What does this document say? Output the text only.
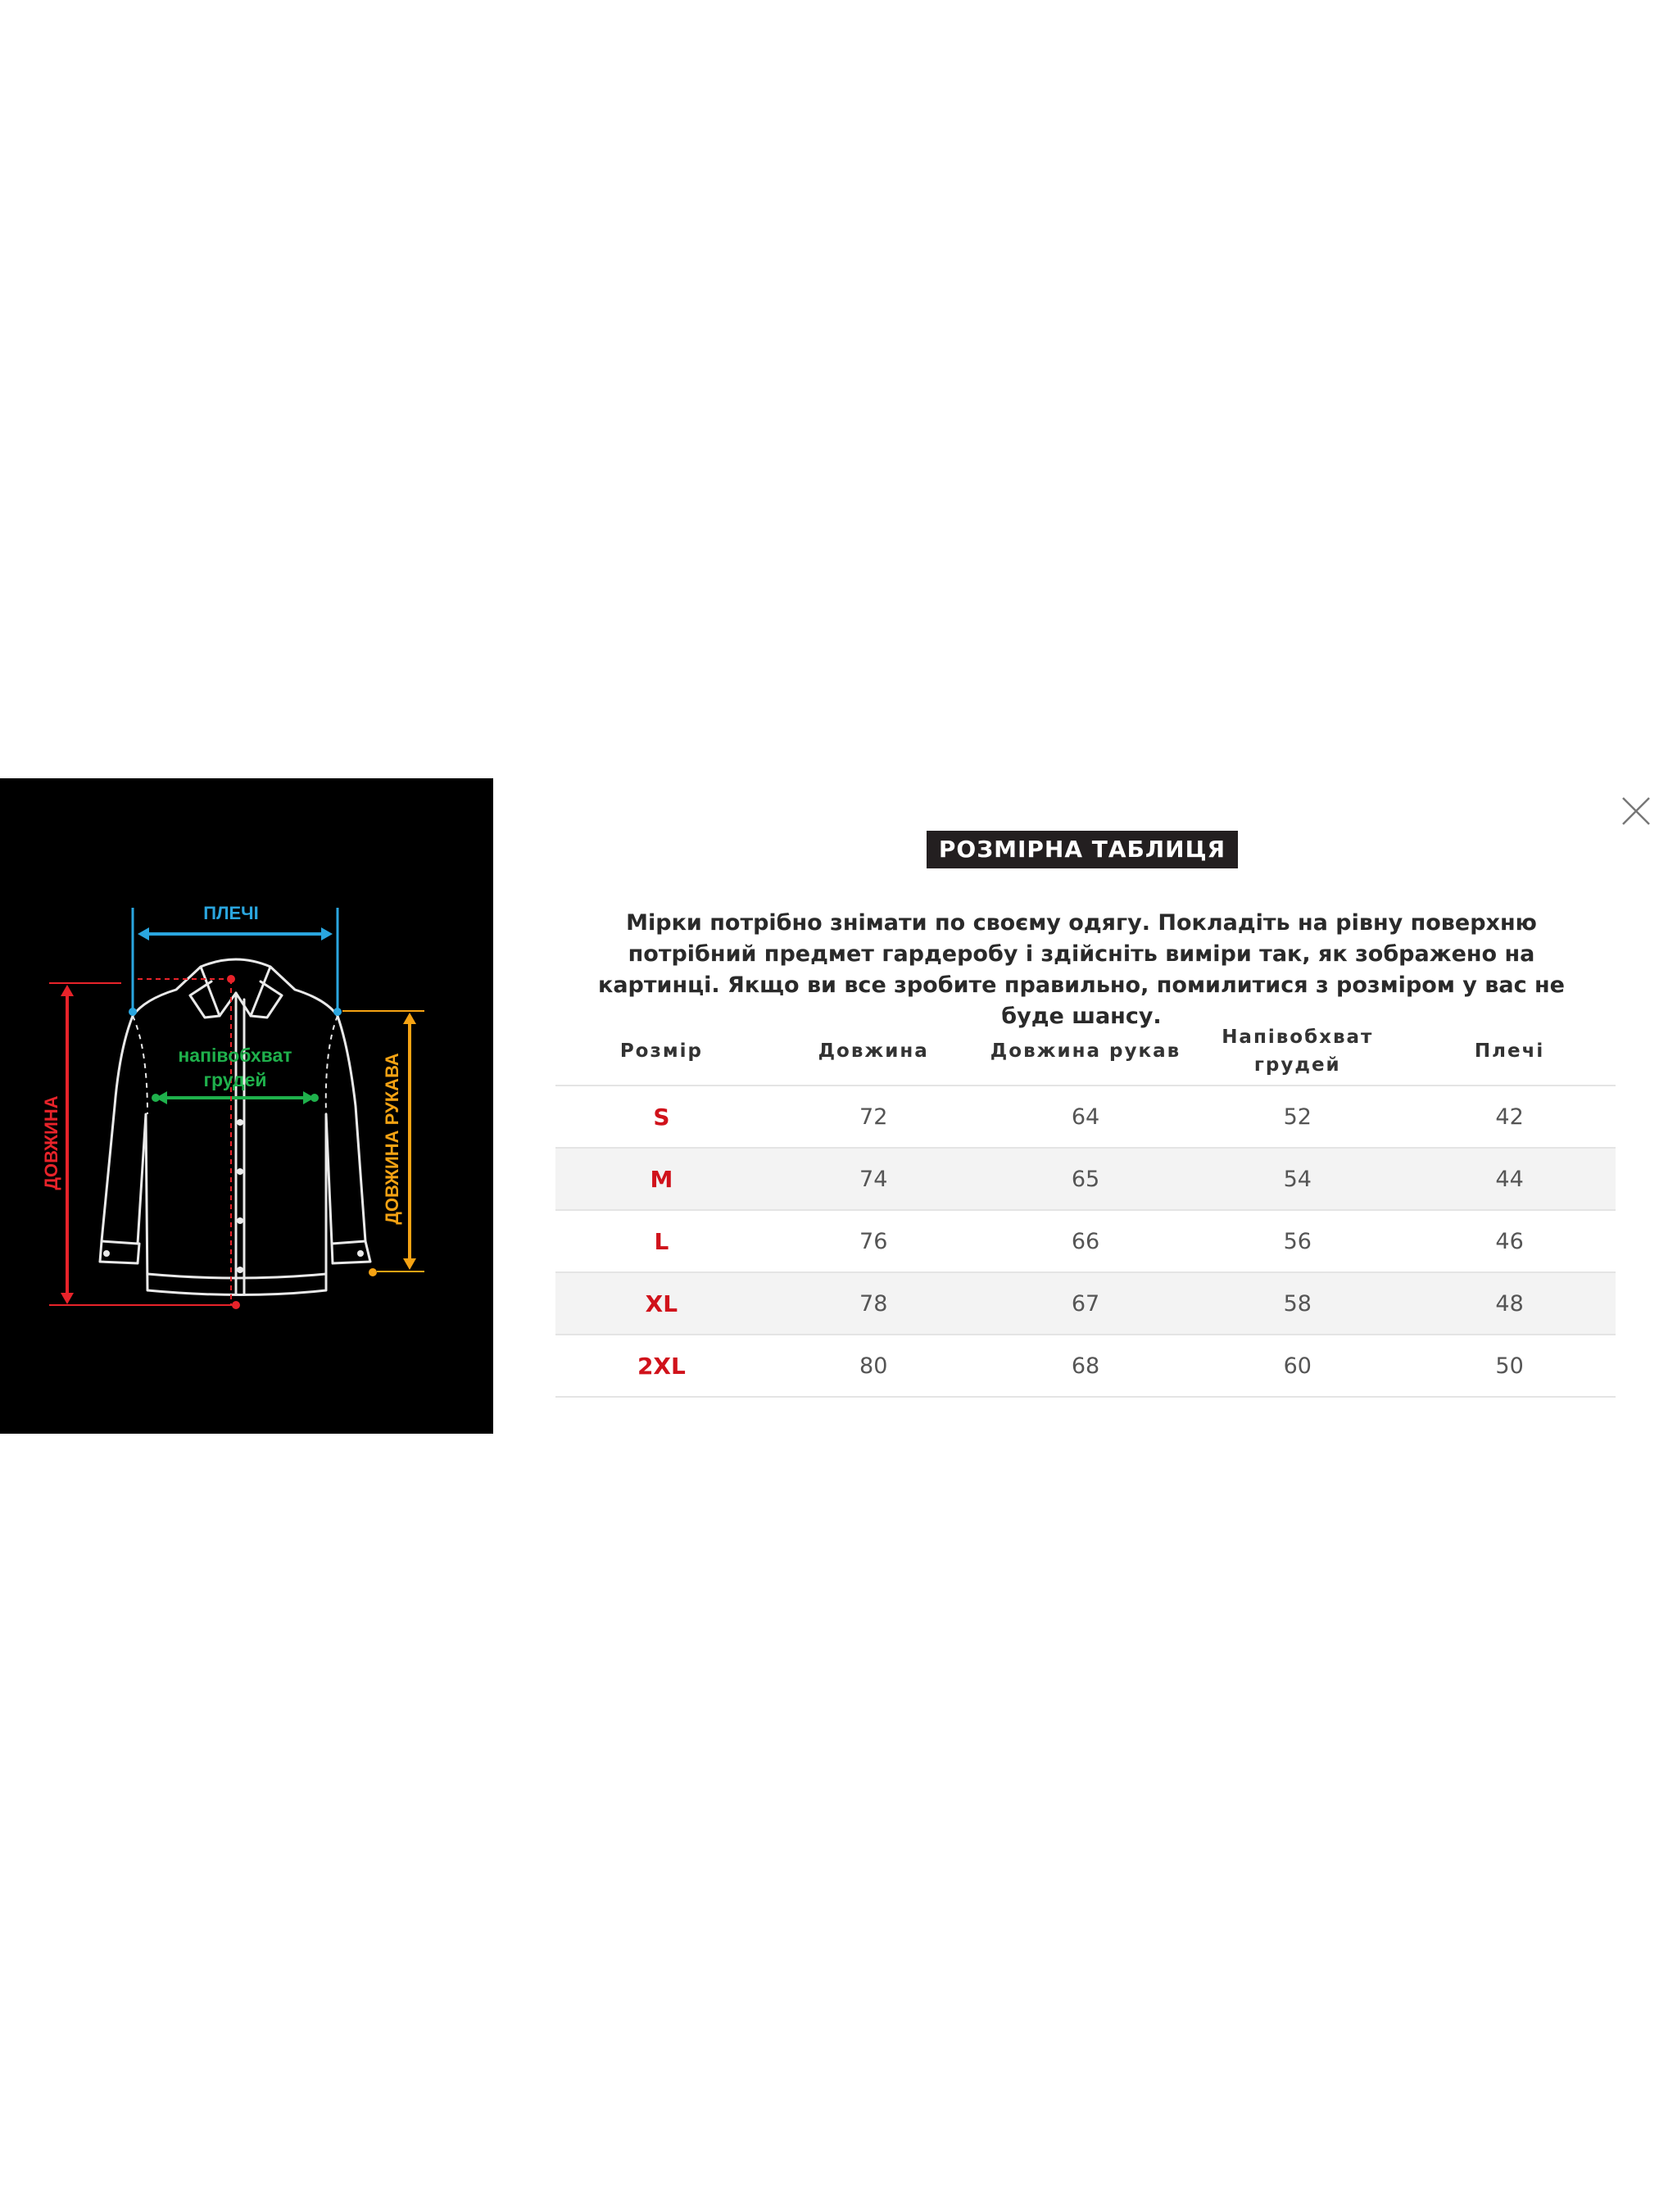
ПЛЕЧІ
напівобхват
грудей
ДОВЖИНА	ДОВЖИНА РУКАВА
РОЗМІРНА ТАБЛИЦЯ
Мірки потрібно знімати по своєму одягу. Покладіть на рівну поверхню потрібний предмет гардеробу і здійсніть виміри так, як зображено на картинці. Якщо ви все зробите правильно, помилитися з розміром у вас не буде шансу.
Розмір	Довжина	Довжина рукав	Напівобхват грудей	Плечі
S	72	64	52	42
M	74	65	54	44
L	76	66	56	46
XL	78	67	58	48
2XL	80	68	60	50
